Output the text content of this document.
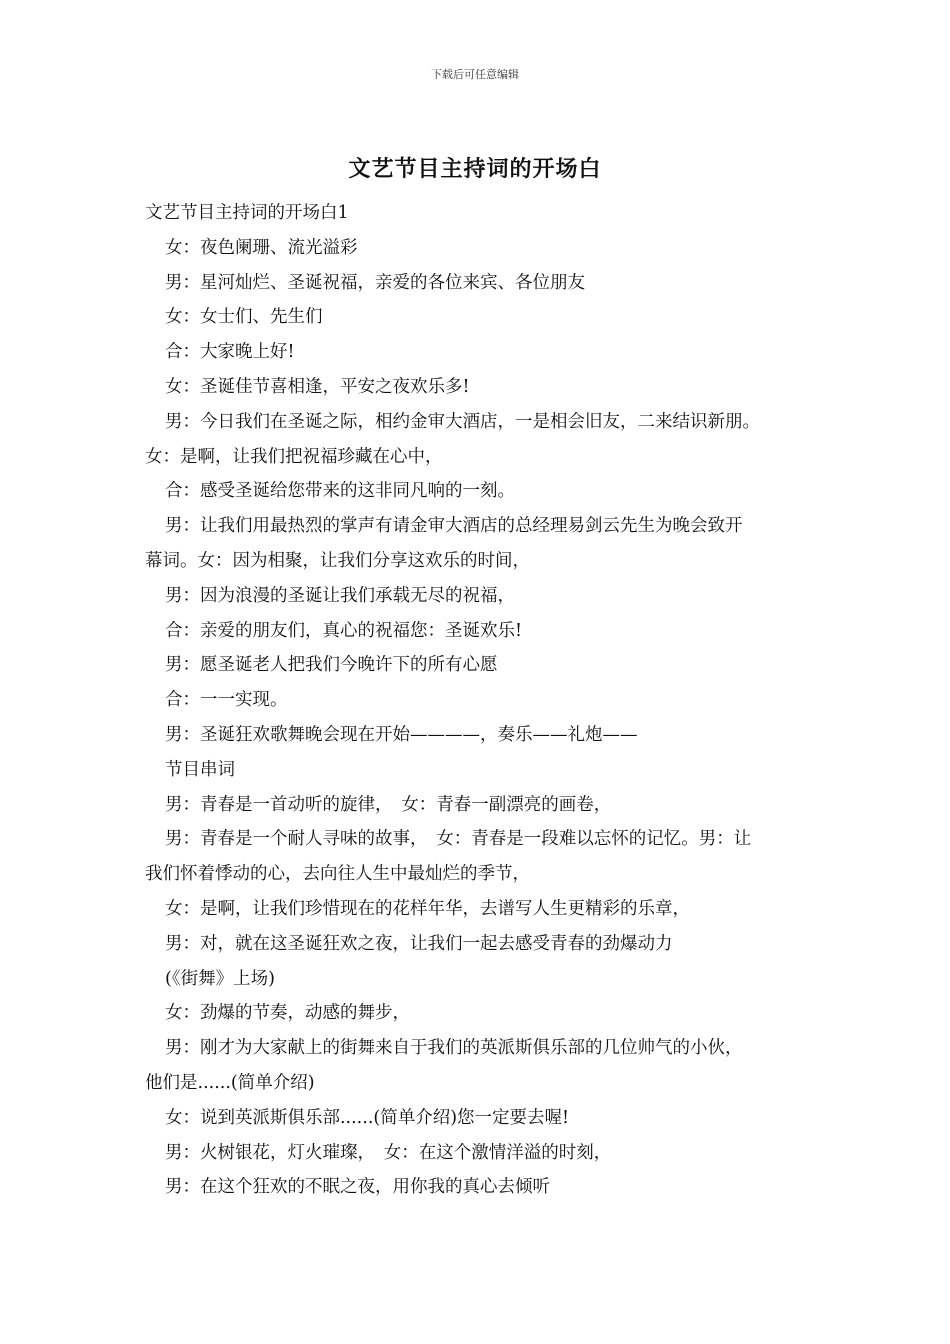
下载后可任意编辑
文艺节目主持词的开场白
文艺节目主持词的开场白1
女：夜色阑珊、流光溢彩
男：星河灿烂、圣诞祝福，亲爱的各位来宾、各位朋友
女：女士们、先生们
合：大家晚上好!
女：圣诞佳节喜相逢，平安之夜欢乐多!
男：今日我们在圣诞之际，相约金审大酒店，一是相会旧友，二来结识新朋。
女：是啊，让我们把祝福珍藏在心中，
合：感受圣诞给您带来的这非同凡响的一刻。
男：让我们用最热烈的掌声有请金审大酒店的总经理易剑云先生为晚会致开
幕词。女：因为相聚，让我们分享这欢乐的时间，
男：因为浪漫的圣诞让我们承载无尽的祝福，
合：亲爱的朋友们，真心的祝福您：圣诞欢乐!
男：愿圣诞老人把我们今晚许下的所有心愿
合：一一实现。
男：圣诞狂欢歌舞晚会现在开始————，奏乐——礼炮——
节目串词
男：青春是一首动听的旋律，　女：青春一副漂亮的画卷，
男：青春是一个耐人寻味的故事，　女：青春是一段难以忘怀的记忆。男：让
我们怀着悸动的心，去向往人生中最灿烂的季节，
女：是啊，让我们珍惜现在的花样年华，去谱写人生更精彩的乐章，
男：对，就在这圣诞狂欢之夜，让我们一起去感受青春的劲爆动力
(《街舞》上场)
女：劲爆的节奏，动感的舞步，
男：刚才为大家献上的街舞来自于我们的英派斯俱乐部的几位帅气的小伙，
他们是......(简单介绍)
女：说到英派斯俱乐部......(简单介绍)您一定要去喔!
男：火树银花，灯火璀璨，　女：在这个激情洋溢的时刻，
男：在这个狂欢的不眠之夜，用你我的真心去倾听
